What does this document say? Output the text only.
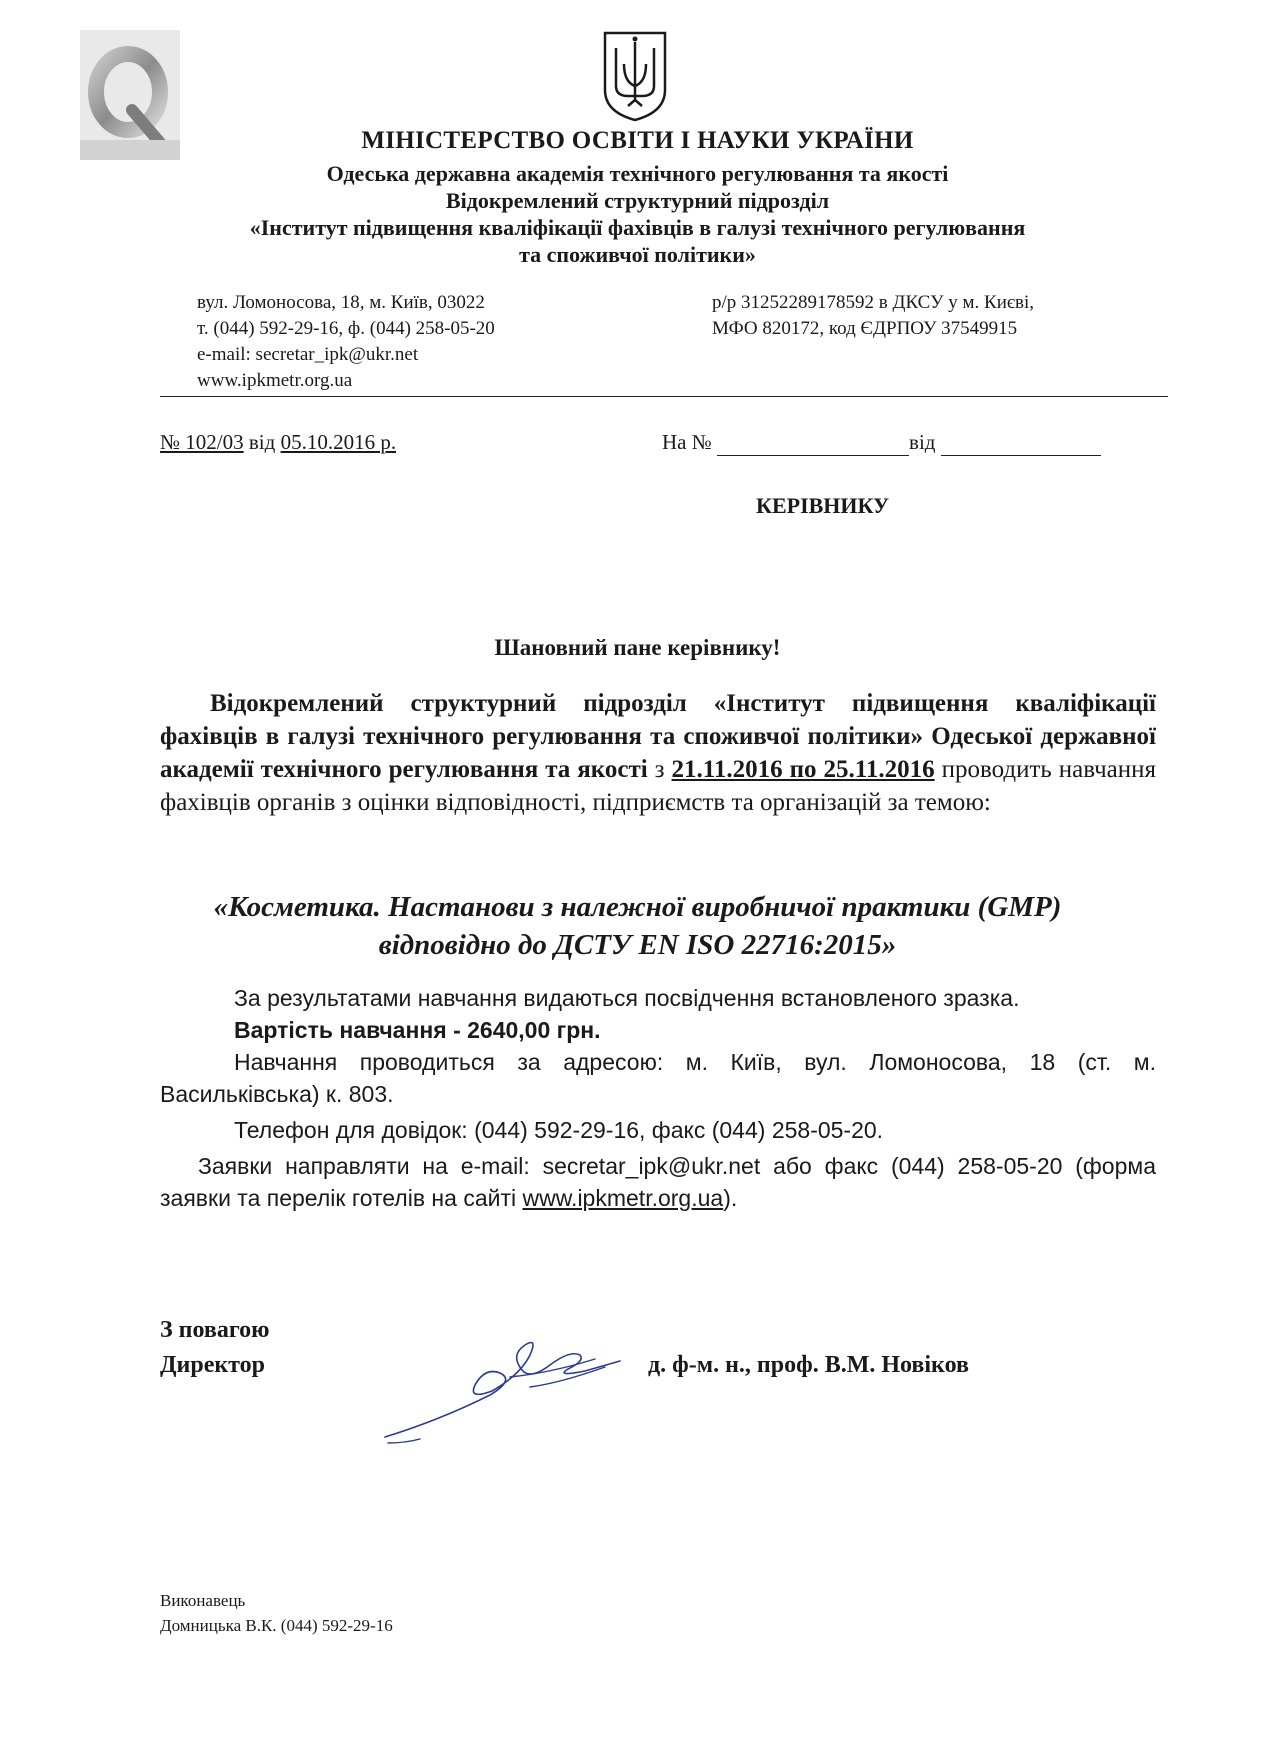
МІНІСТЕРСТВО ОСВІТИ І НАУКИ УКРАЇНИ
Одеська державна академія технічного регулювання та якості
Відокремлений структурний підрозділ
«Інститут підвищення кваліфікації фахівців в галузі технічного регулювання
та споживчої політики»
вул. Ломоносова, 18, м. Київ, 03022
т. (044) 592-29-16, ф. (044) 258-05-20
e-mail: secretar_ipk@ukr.net
www.ipkmetr.org.ua
р/р 31252289178592 в ДКСУ у м. Києві,
МФО 820172, код ЄДРПОУ 37549915
№ 102/03 від 05.10.2016 р.	На №	від
КЕРІВНИКУ
Шановний пане керівнику!
Відокремлений структурний підрозділ «Інститут підвищення кваліфікації фахівців в галузі технічного регулювання та споживчої політики» Одеської державної академії технічного регулювання та якості з 21.11.2016 по 25.11.2016 проводить навчання фахівців органів з оцінки відповідності, підприємств та організацій за темою:
«Косметика. Настанови з належної виробничої практики (GMP)
відповідно до ДСТУ EN ISO 22716:2015»
За результатами навчання видаються посвідчення встановленого зразка.
Вартість навчання - 2640,00 грн.
Навчання проводиться за адресою: м. Київ, вул. Ломоносова, 18 (ст. м. Васильківська) к. 803.
Телефон для довідок: (044) 592-29-16, факс (044) 258-05-20.
Заявки направляти на e-mail: secretar_ipk@ukr.net або факс (044) 258-05-20 (форма заявки та перелік готелів на сайті www.ipkmetr.org.ua).
З повагою
Директор	д. ф-м. н., проф. В.М. Новіков
Виконавець
Домницька В.К. (044) 592-29-16
